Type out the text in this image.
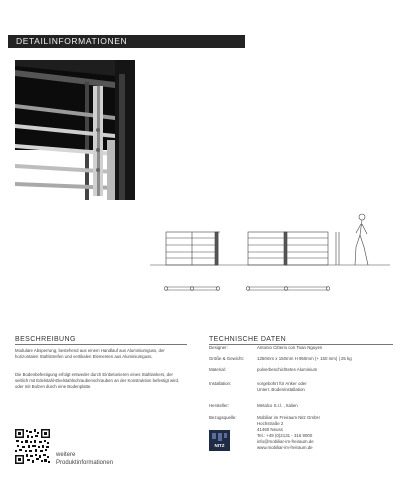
DETAILINFORMATIONEN
BESCHREIBUNG
Modulare Absperrung, bestehend aus einem Handlauf aus Aluminiumguss, der horizontalen Stahlstreifen und vertikalen Elementen aus Aluminiumguss.
Die Bodenbefestigung erfolgt entweder durch Einbetonieren eines Stahlankers, der seitlich mit Edelstahl-Ekelstahlschraubenschrauben an der Konstruktion befestigt wird, oder mit Bolzen durch eine Bodenplatte.
TECHNISCHE DATEN
Designer:	Antonio Citterio con Toan Nguyen
Größe & Gewicht:	1250mm x 150mm H 950mm (+ 150 mm) | 25 kg
Material:	pulverbeschichtetes Aluminium
Installation:	vorgebohrt für Anker oder
Unterr. Bodeninstallation
Hersteller:	Metalco S.r.l. , Italien
Bezugsquelle:	Mobiliar im Freiraum Nitz GmbH
Hochstraße 2
41460 Neuss
Tel.: +49 (0)2131 - 316 9000
info@mobiliar-im-freiraum.de
www.mobiliar-im-freiraum.de
NITZ
weitere
Produktinformationen
